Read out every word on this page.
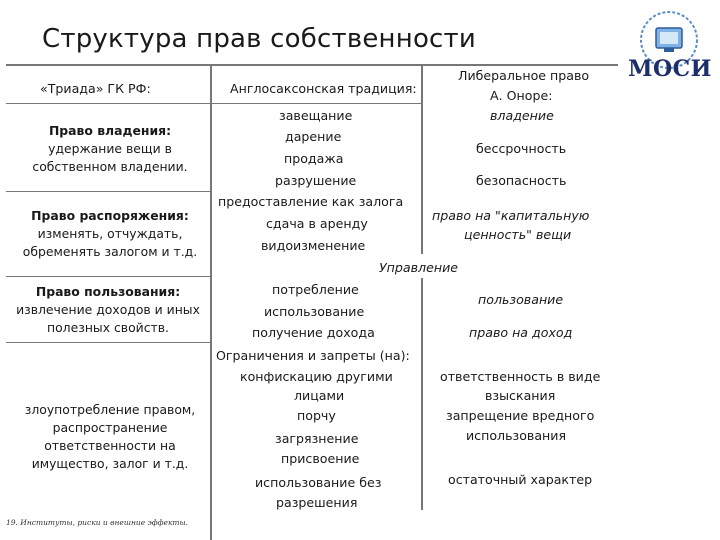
Структура прав собственности
МОСИ
«Триада» ГК РФ:	Англосаксонская традиция:
Либеральное право
А. Оноре:
Право владения:
удержание вещи в
собственном владении.
Право распоряжения:
изменять, отчуждать,
обременять залогом и т.д.
Право пользования:
извлечение доходов и иных
полезных свойств.
злоупотребление правом,
распространение
ответственности на
имущество, залог и т.д.
завещание
дарение
продажа
разрушение
предоставление как залога
сдача в аренду
видоизменение
потребление
использование
получение дохода
Ограничения и запреты (на):
конфискацию другими
лицами
порчу
загрязнение
присвоение
использование без
разрешения
владение
бессрочность
безопасность
право на "капитальную
ценность" вещи
Управление
пользование
право на доход
ответственность в виде
взыскания
запрещение вредного
использования
остаточный характер
19. Институты, риски и внешние эффекты.
